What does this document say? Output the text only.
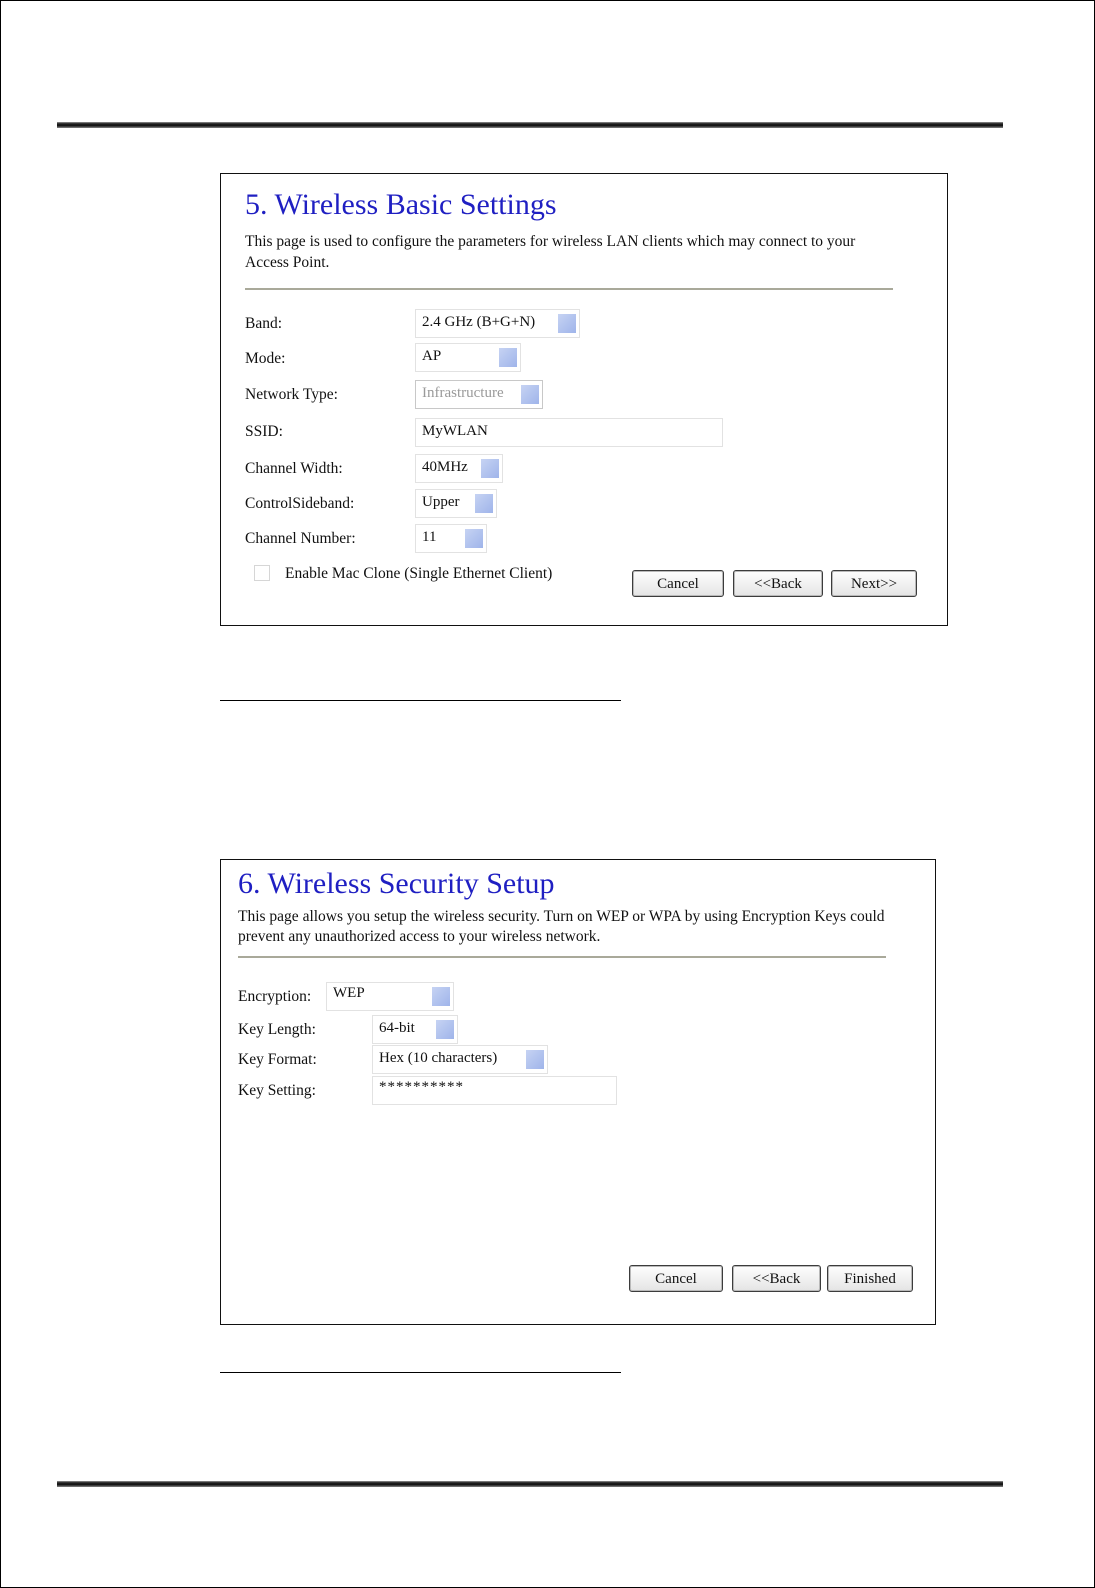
5. Wireless Basic Settings
This page is used to configure the parameters for wireless LAN clients which may connect to your Access Point.
Band:	2.4 GHz (B+G+N)
Mode:	AP
Network Type:	Infrastructure
SSID:	MyWLAN
Channel Width:	40MHz
ControlSideband:	Upper
Channel Number:	11
Enable Mac Clone (Single Ethernet Client)
Cancel	<<Back	Next>>
6. Wireless Security Setup
This page allows you setup the wireless security. Turn on WEP or WPA by using Encryption Keys could prevent any unauthorized access to your wireless network.
Encryption: WEP
Key Length:	64-bit
Key Format:	Hex (10 characters)
Key Setting:	**********
Cancel	<<Back	Finished
